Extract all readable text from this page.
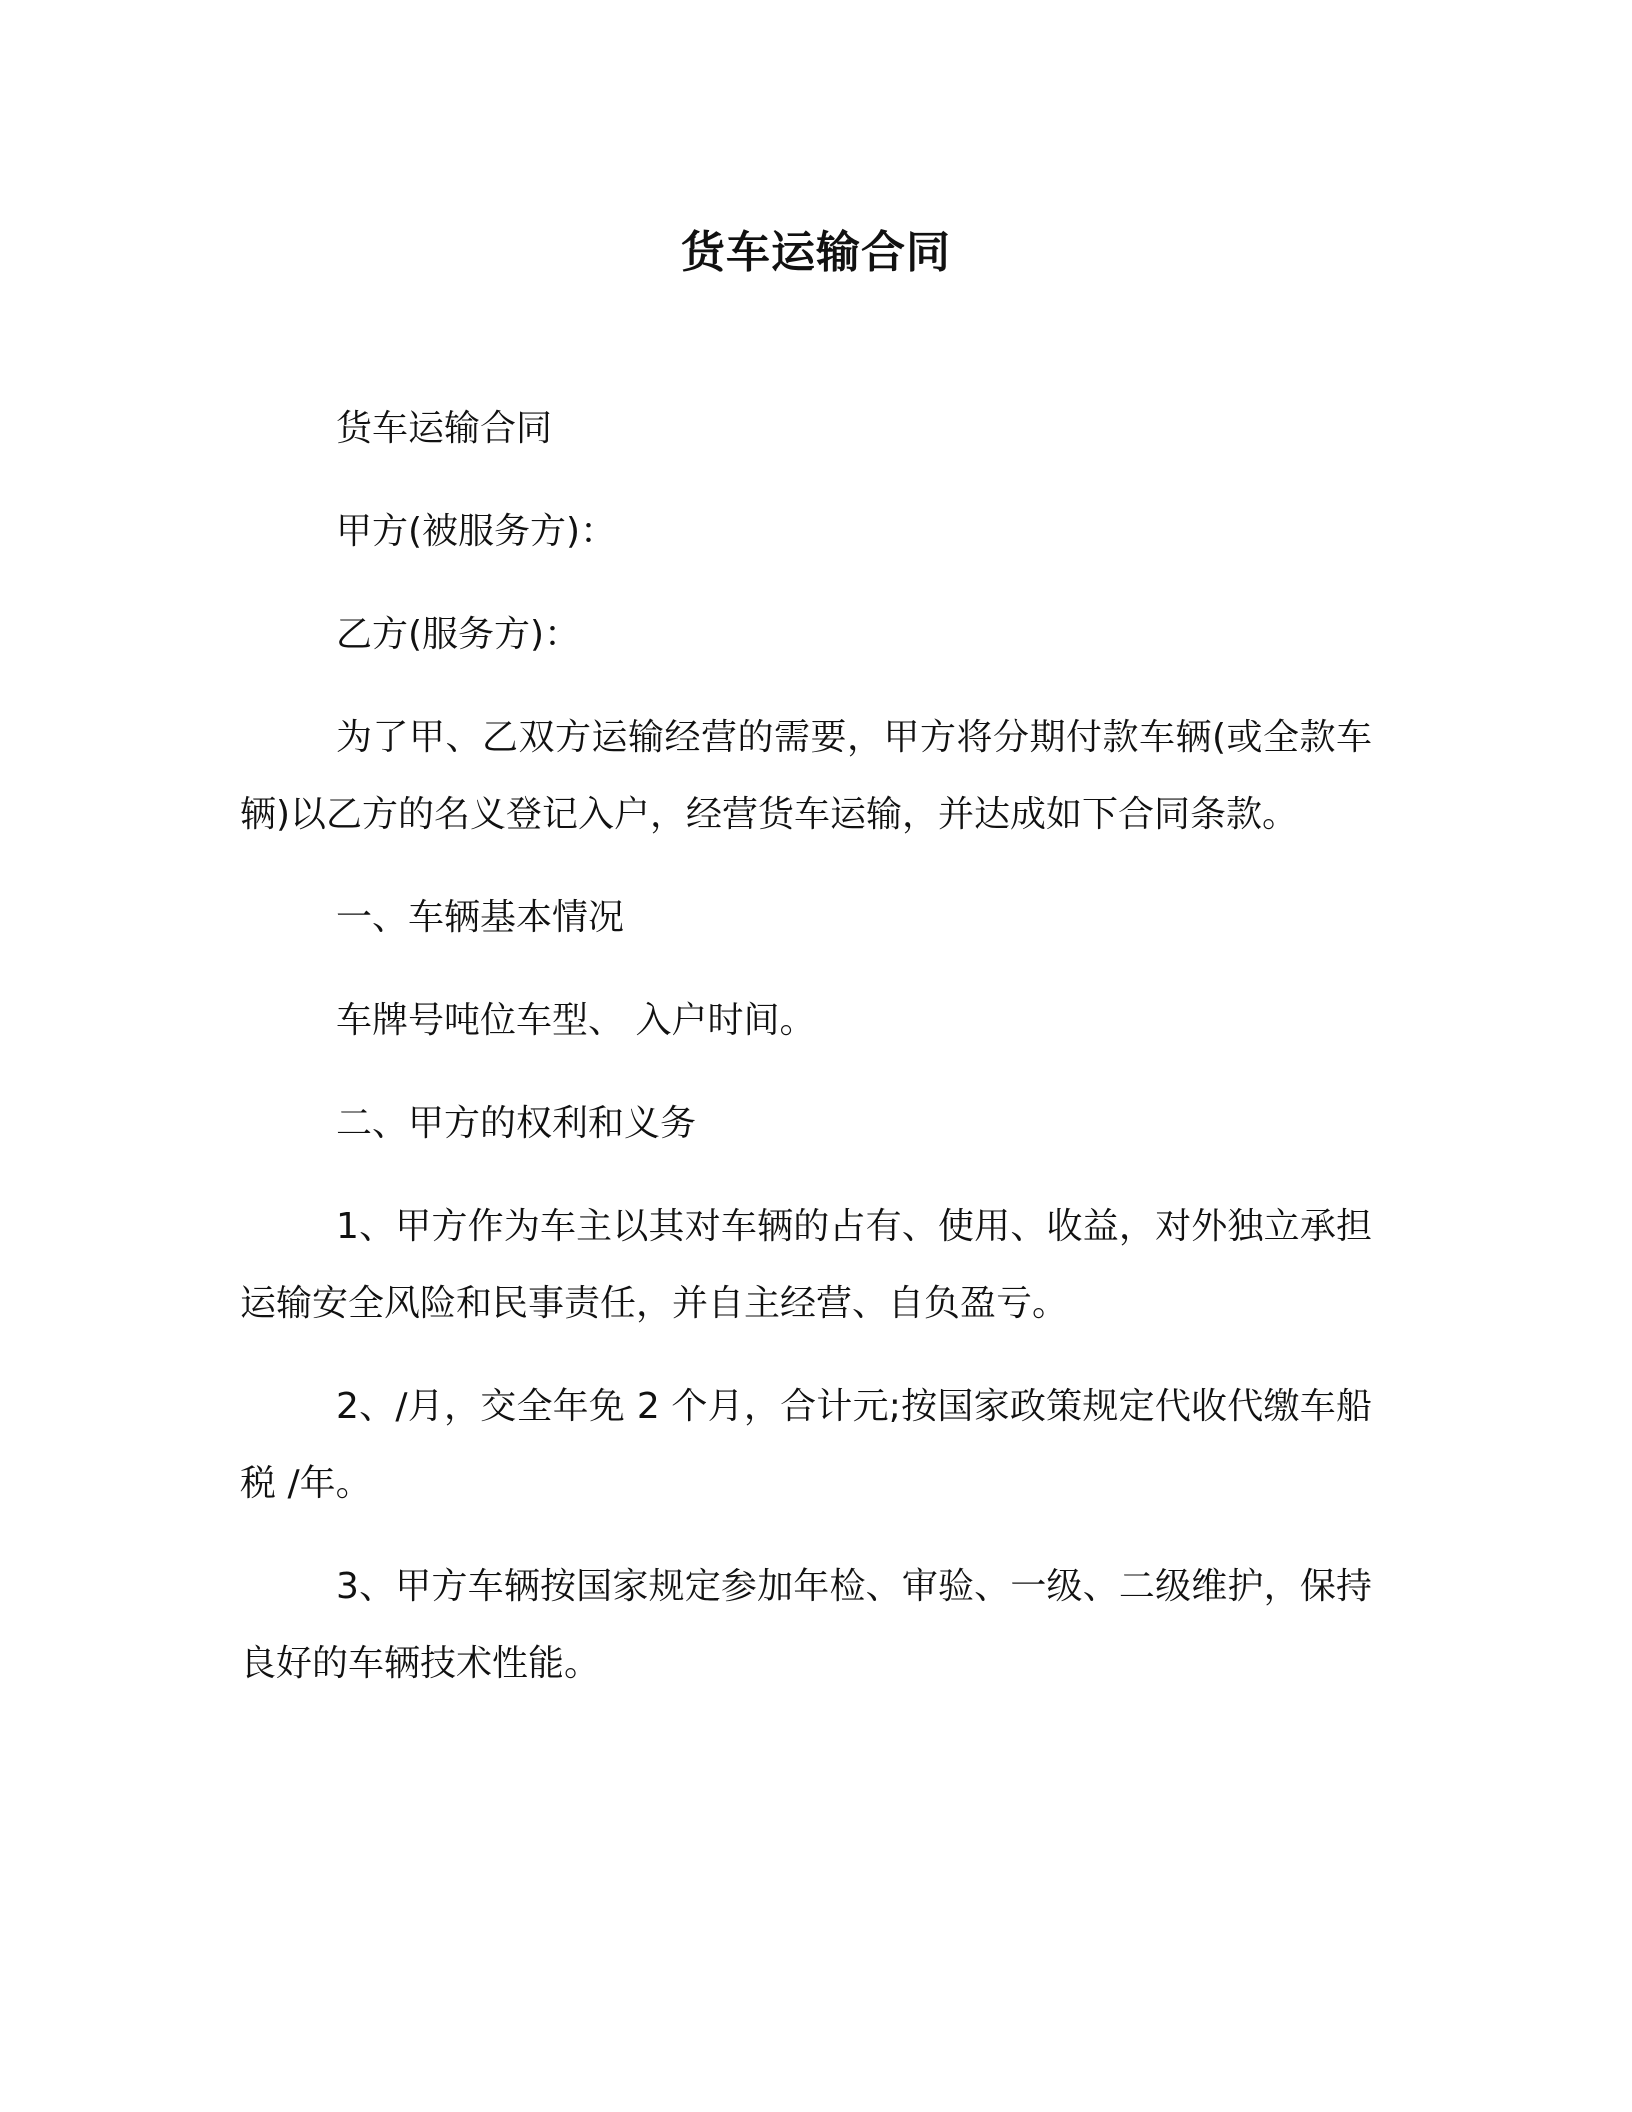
货车运输合同

货车运输合同

甲方(被服务方)：

乙方(服务方)：

为了甲、乙双方运输经营的需要，甲方将分期付款车辆(或全款车辆)以乙方的名义登记入户，经营货车运输，并达成如下合同条款。

一、车辆基本情况

车牌号吨位车型、 入户时间。

二、甲方的权利和义务

1、甲方作为车主以其对车辆的占有、使用、收益，对外独立承担运输安全风险和民事责任，并自主经营、自负盈亏。

2、/月，交全年免 2 个月，合计元;按国家政策规定代收代缴车船税 /年。

3、甲方车辆按国家规定参加年检、审验、一级、二级维护，保持良好的车辆技术性能。
